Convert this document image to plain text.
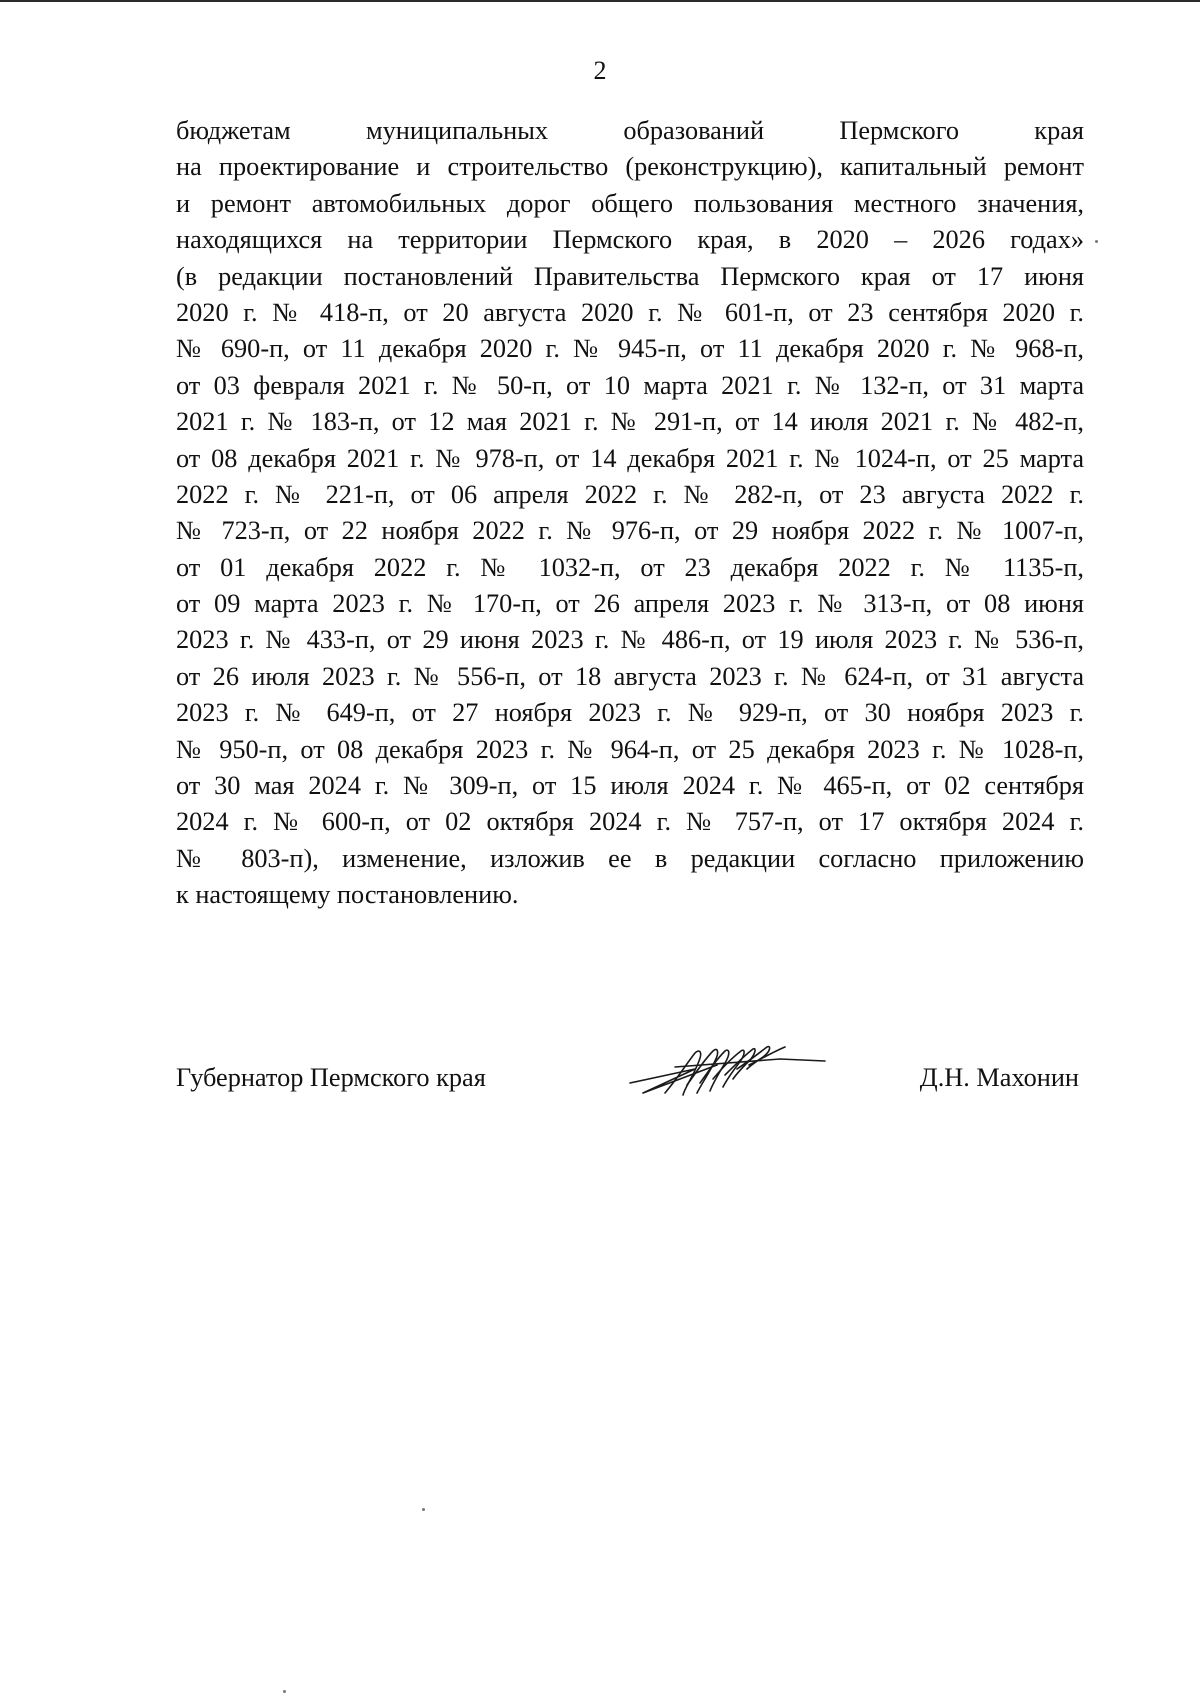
2
бюджетам муниципальных образований Пермского края
на проектирование и строительство (реконструкцию), капитальный ремонт
и ремонт автомобильных дорог общего пользования местного значения,
находящихся на территории Пермского края, в 2020 – 2026 годах»
(в редакции постановлений Правительства Пермского края от 17 июня
2020 г. № 418-п, от 20 августа 2020 г. № 601-п, от 23 сентября 2020 г.
№ 690-п, от 11 декабря 2020 г. № 945-п, от 11 декабря 2020 г. № 968-п,
от 03 февраля 2021 г. № 50-п, от 10 марта 2021 г. № 132-п, от 31 марта
2021 г. № 183-п, от 12 мая 2021 г. № 291-п, от 14 июля 2021 г. № 482-п,
от 08 декабря 2021 г. № 978-п, от 14 декабря 2021 г. № 1024-п, от 25 марта
2022 г. № 221-п, от 06 апреля 2022 г. № 282-п, от 23 августа 2022 г.
№ 723-п, от 22 ноября 2022 г. № 976-п, от 29 ноября 2022 г. № 1007-п,
от 01 декабря 2022 г. № 1032-п, от 23 декабря 2022 г. № 1135-п,
от 09 марта 2023 г. № 170-п, от 26 апреля 2023 г. № 313-п, от 08 июня
2023 г. № 433-п, от 29 июня 2023 г. № 486-п, от 19 июля 2023 г. № 536-п,
от 26 июля 2023 г. № 556-п, от 18 августа 2023 г. № 624-п, от 31 августа
2023 г. № 649-п, от 27 ноября 2023 г. № 929-п, от 30 ноября 2023 г.
№ 950-п, от 08 декабря 2023 г. № 964-п, от 25 декабря 2023 г. № 1028-п,
от 30 мая 2024 г. № 309-п, от 15 июля 2024 г. № 465-п, от 02 сентября
2024 г. № 600-п, от 02 октября 2024 г. № 757-п, от 17 октября 2024 г.
№ 803-п), изменение, изложив ее в редакции согласно приложению
к настоящему постановлению.
Губернатор Пермского края	Д.Н. Махонин
